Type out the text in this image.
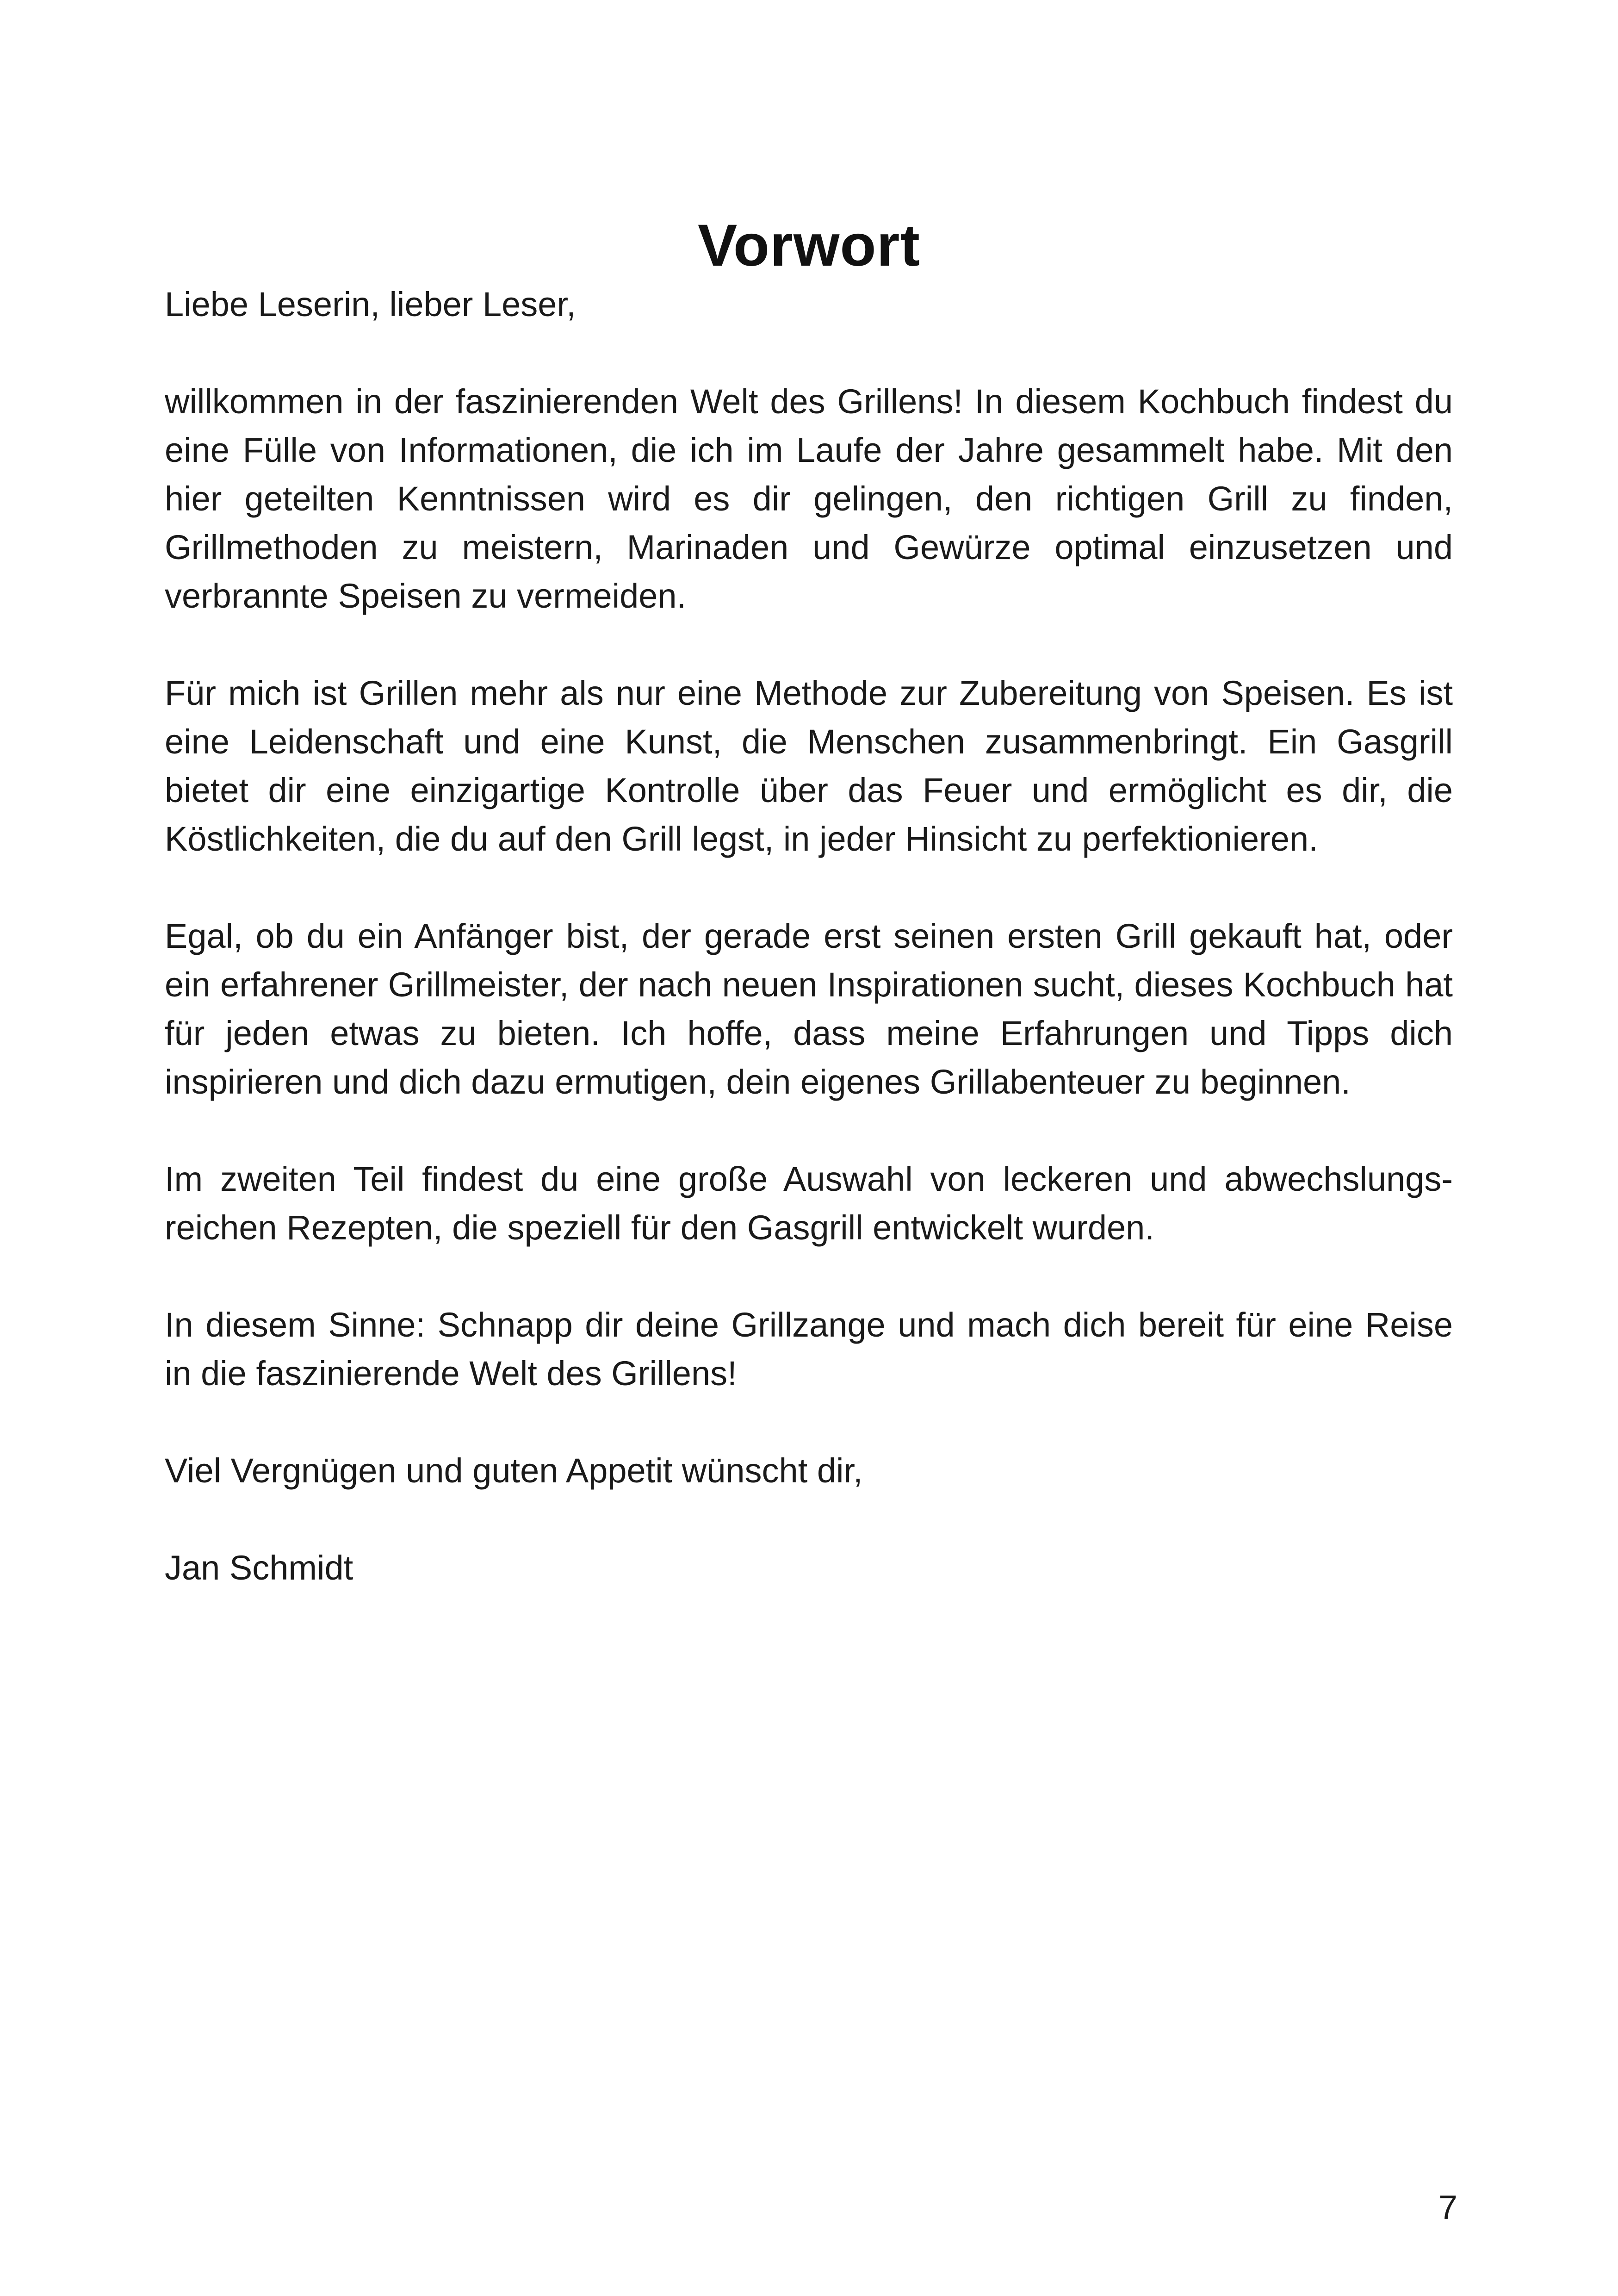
Vorwort

Liebe Leserin, lieber Leser,

willkommen in der faszinierenden Welt des Grillens! In diesem Kochbuch findest du eine Fülle von Informationen, die ich im Laufe der Jahre gesammelt habe. Mit den hier geteilten Kenntnissen wird es dir gelingen, den richtigen Grill zu finden, Grillmethoden zu meistern, Marinaden und Gewürze optimal einzusetzen und verbrannte Speisen zu vermeiden.

Für mich ist Grillen mehr als nur eine Methode zur Zubereitung von Speisen. Es ist eine Leidenschaft und eine Kunst, die Menschen zusammenbringt. Ein Gasgrill bietet dir eine einzigartige Kontrolle über das Feuer und ermöglicht es dir, die Köstlichkeiten, die du auf den Grill legst, in jeder Hinsicht zu perfektionieren.

Egal, ob du ein Anfänger bist, der gerade erst seinen ersten Grill gekauft hat, oder ein erfahrener Grillmeister, der nach neuen Inspirationen sucht, dieses Kochbuch hat für jeden etwas zu bieten. Ich hoffe, dass meine Erfahrungen und Tipps dich inspirieren und dich dazu ermutigen, dein eigenes Grillabenteuer zu beginnen.

Im zweiten Teil findest du eine große Auswahl von leckeren und abwechslungsreichen Rezepten, die speziell für den Gasgrill entwickelt wurden.

In diesem Sinne: Schnapp dir deine Grillzange und mach dich bereit für eine Reise in die faszinierende Welt des Grillens!

Viel Vergnügen und guten Appetit wünscht dir,

Jan Schmidt

7
